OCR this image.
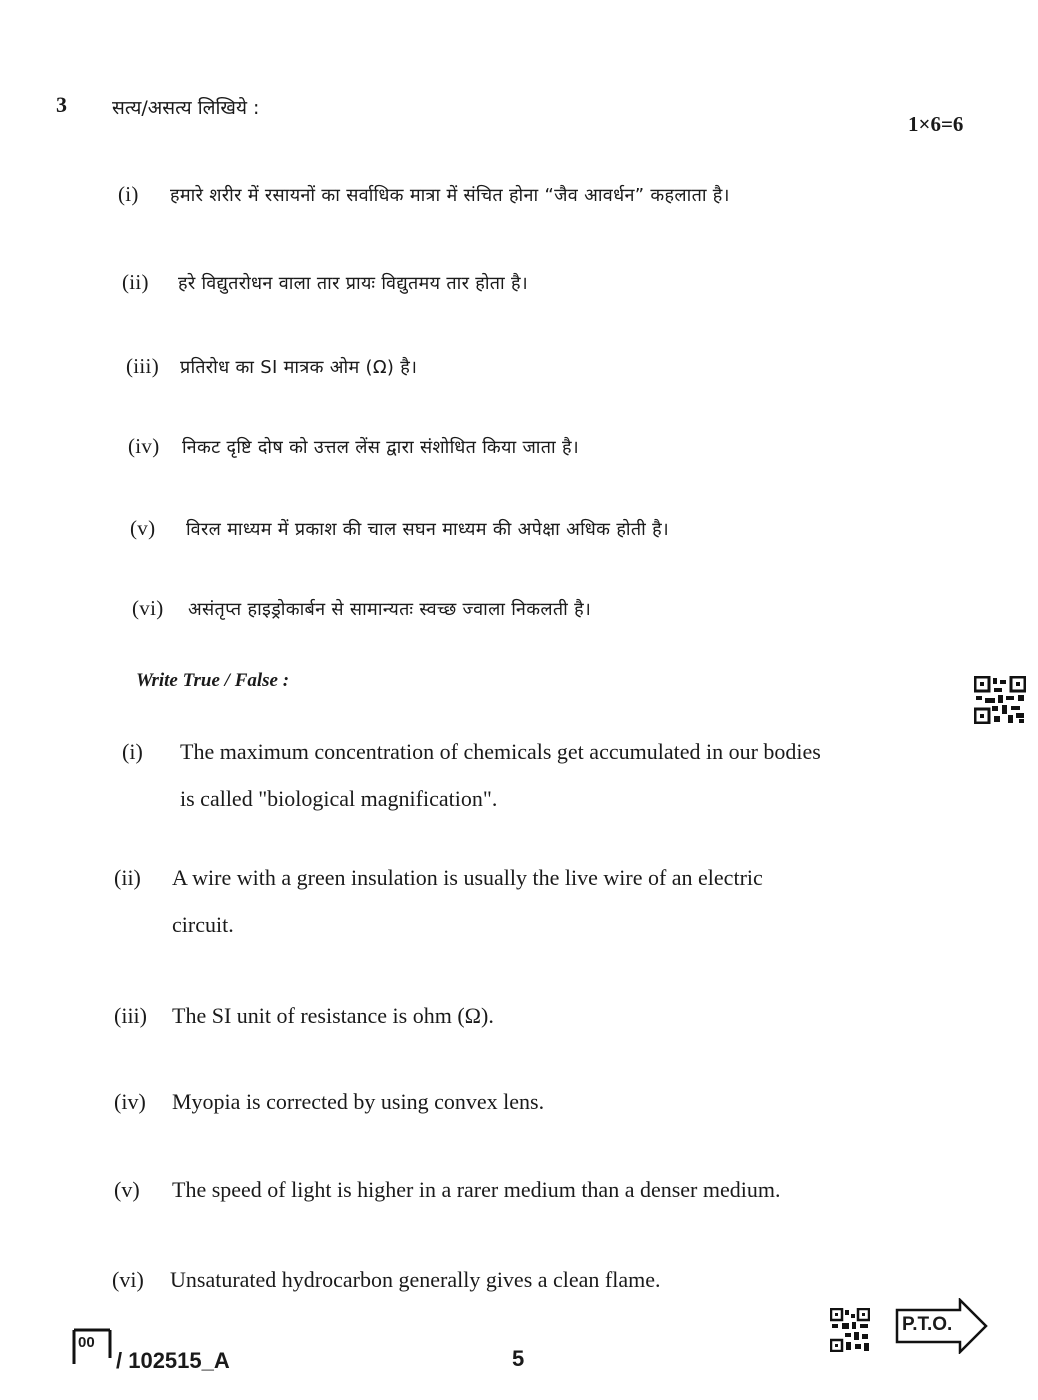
3 सत्य/असत्य लिखिये :
1×6=6
(i) हमारे शरीर में रसायनों का सर्वाधिक मात्रा में संचित होना “जैव आवर्धन” कहलाता है।
(ii) हरे विद्युतरोधन वाला तार प्रायः विद्युतमय तार होता है।
(iii) प्रतिरोध का SI मात्रक ओम (Ω) है।
(iv) निकट दृष्टि दोष को उत्तल लेंस द्वारा संशोधित किया जाता है।
(v) विरल माध्यम में प्रकाश की चाल सघन माध्यम की अपेक्षा अधिक होती है।
(vi) असंतृप्त हाइड्रोकार्बन से सामान्यतः स्वच्छ ज्वाला निकलती है।
Write True / False :
(i) The maximum concentration of chemicals get accumulated in our bodies
is called "biological magnification".
(ii) A wire with a green insulation is usually the live wire of an electric
circuit.
(iii) The SI unit of resistance is ohm (Ω).
(iv) Myopia is corrected by using convex lens.
(v) The speed of light is higher in a rarer medium than a denser medium.
(vi) Unsaturated hydrocarbon generally gives a clean flame.
00
/ 102515_A	5
P.T.O.
